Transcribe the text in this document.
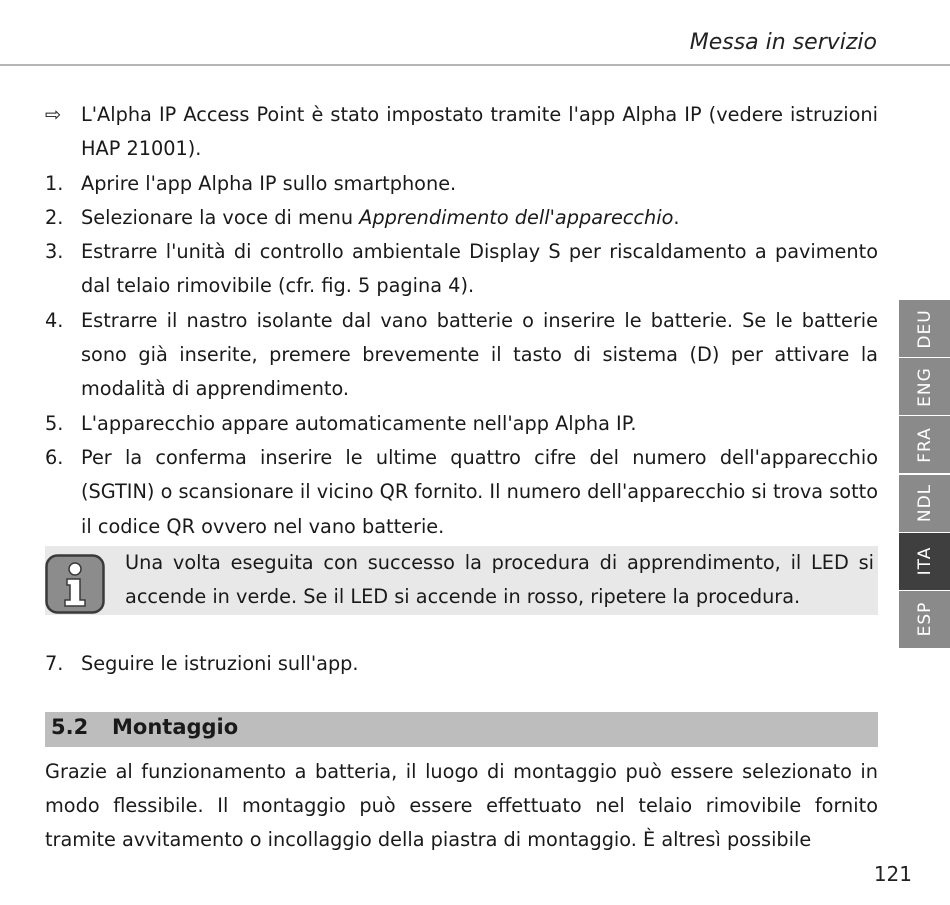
Messa in servizio
⇨	L'Alpha IP Access Point è stato impostato tramite l'app Alpha IP (vedere istruzioni HAP 21001).
1. Aprire l'app Alpha IP sullo smartphone.
2. Selezionare la voce di menu Apprendimento dell'apparecchio.
3. Estrarre l'unità di controllo ambientale Display S per riscaldamento a pavimento dal telaio rimovibile (cfr. fig. 5 pagina 4).
4. Estrarre il nastro isolante dal vano batterie o inserire le batterie. Se le batterie sono già inserite, premere brevemente il tasto di sistema (D) per attivare la modalità di apprendimento.
5. L'apparecchio appare automaticamente nell'app Alpha IP.
6. Per la conferma inserire le ultime quattro cifre del numero dell'apparecchio (SGTIN) o scansionare il vicino QR fornito. Il numero dell'apparecchio si trova sotto il codice QR ovvero nel vano batterie.
Una volta eseguita con successo la procedura di apprendimento, il LED si accende in verde. Se il LED si accende in rosso, ripetere la procedura.
7. Seguire le istruzioni sull'app.
5.2 Montaggio
Grazie al funzionamento a batteria, il luogo di montaggio può essere selezionato in modo flessibile. Il montaggio può essere effettuato nel telaio rimovibile fornito tramite avvitamento o incollaggio della piastra di montaggio. È altresì possibile
121
DEU
ENG
FRA
NDL
ITA
ESP
